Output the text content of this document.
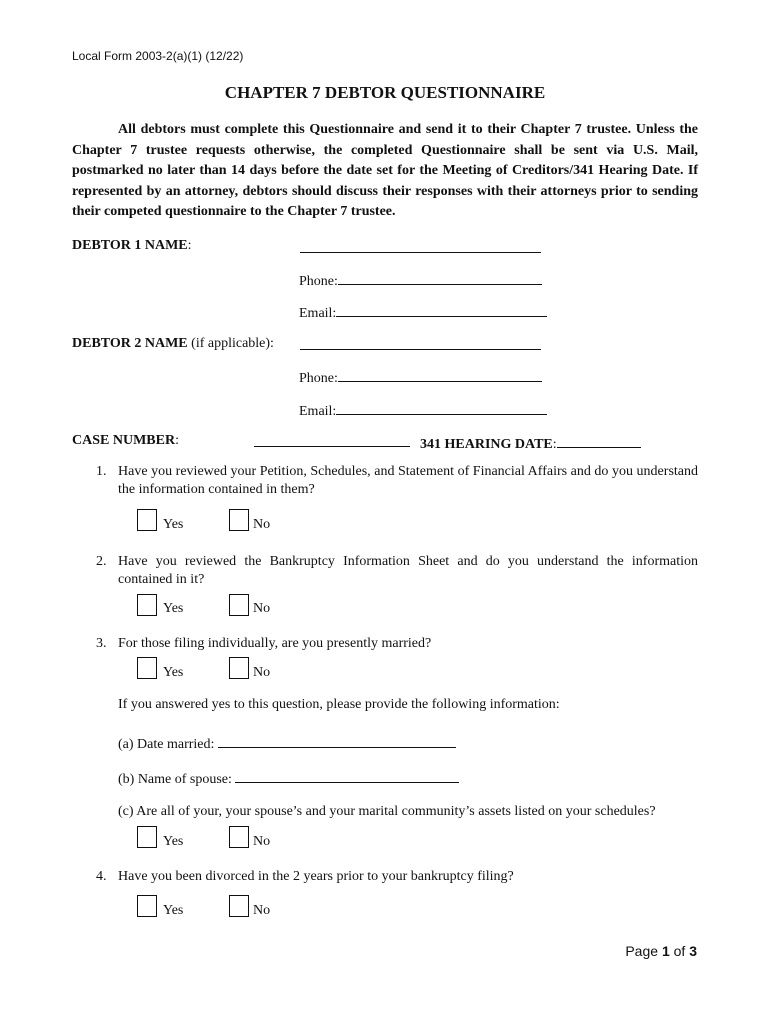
Local Form 2003-2(a)(1) (12/22)
CHAPTER 7 DEBTOR QUESTIONNAIRE
All debtors must complete this Questionnaire and send it to their Chapter 7 trustee. Unless the Chapter 7 trustee requests otherwise, the completed Questionnaire shall be sent via U.S. Mail, postmarked no later than 14 days before the date set for the Meeting of Creditors/341 Hearing Date. If represented by an attorney, debtors should discuss their responses with their attorneys prior to sending their competed questionnaire to the Chapter 7 trustee.
DEBTOR 1 NAME:
Phone:
Email:
DEBTOR 2 NAME (if applicable):
Phone:
Email:
CASE NUMBER:	341 HEARING DATE:
1. Have you reviewed your Petition, Schedules, and Statement of Financial Affairs and do you understand the information contained in them?
Yes	No
2. Have you reviewed the Bankruptcy Information Sheet and do you understand the information contained in it?
Yes	No
3. For those filing individually, are you presently married?
Yes	No
If you answered yes to this question, please provide the following information:
(a) Date married:
(b) Name of spouse:
(c) Are all of your, your spouse’s and your marital community’s assets listed on your schedules?
Yes	No
4. Have you been divorced in the 2 years prior to your bankruptcy filing?
Yes	No
Page 1 of 3
